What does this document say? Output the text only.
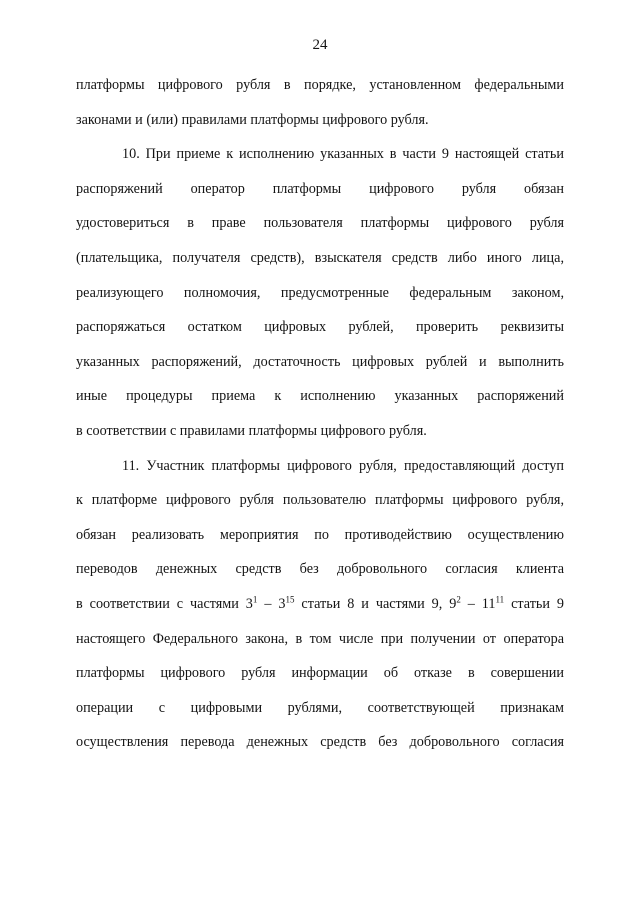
24
платформы цифрового рубля в порядке, установленном федеральными
законами и (или) правилами платформы цифрового рубля.
10. При приеме к исполнению указанных в части 9 настоящей статьи
распоряжений оператор платформы цифрового рубля обязан
удостовериться в праве пользователя платформы цифрового рубля
(плательщика, получателя средств), взыскателя средств либо иного лица,
реализующего полномочия, предусмотренные федеральным законом,
распоряжаться остатком цифровых рублей, проверить реквизиты
указанных распоряжений, достаточность цифровых рублей и выполнить
иные процедуры приема к исполнению указанных распоряжений
в соответствии с правилами платформы цифрового рубля.
11. Участник платформы цифрового рубля, предоставляющий доступ
к платформе цифрового рубля пользователю платформы цифрового рубля,
обязан реализовать мероприятия по противодействию осуществлению
переводов денежных средств без добровольного согласия клиента
в соответствии с частями $3^1 - 3^{15}$ статьи 8 и частями 9, $9^2 - 11^{11}$ статьи 9
настоящего Федерального закона, в том числе при получении от оператора
платформы цифрового рубля информации об отказе в совершении
операции с цифровыми рублями, соответствующей признакам
осуществления перевода денежных средств без добровольного согласия
